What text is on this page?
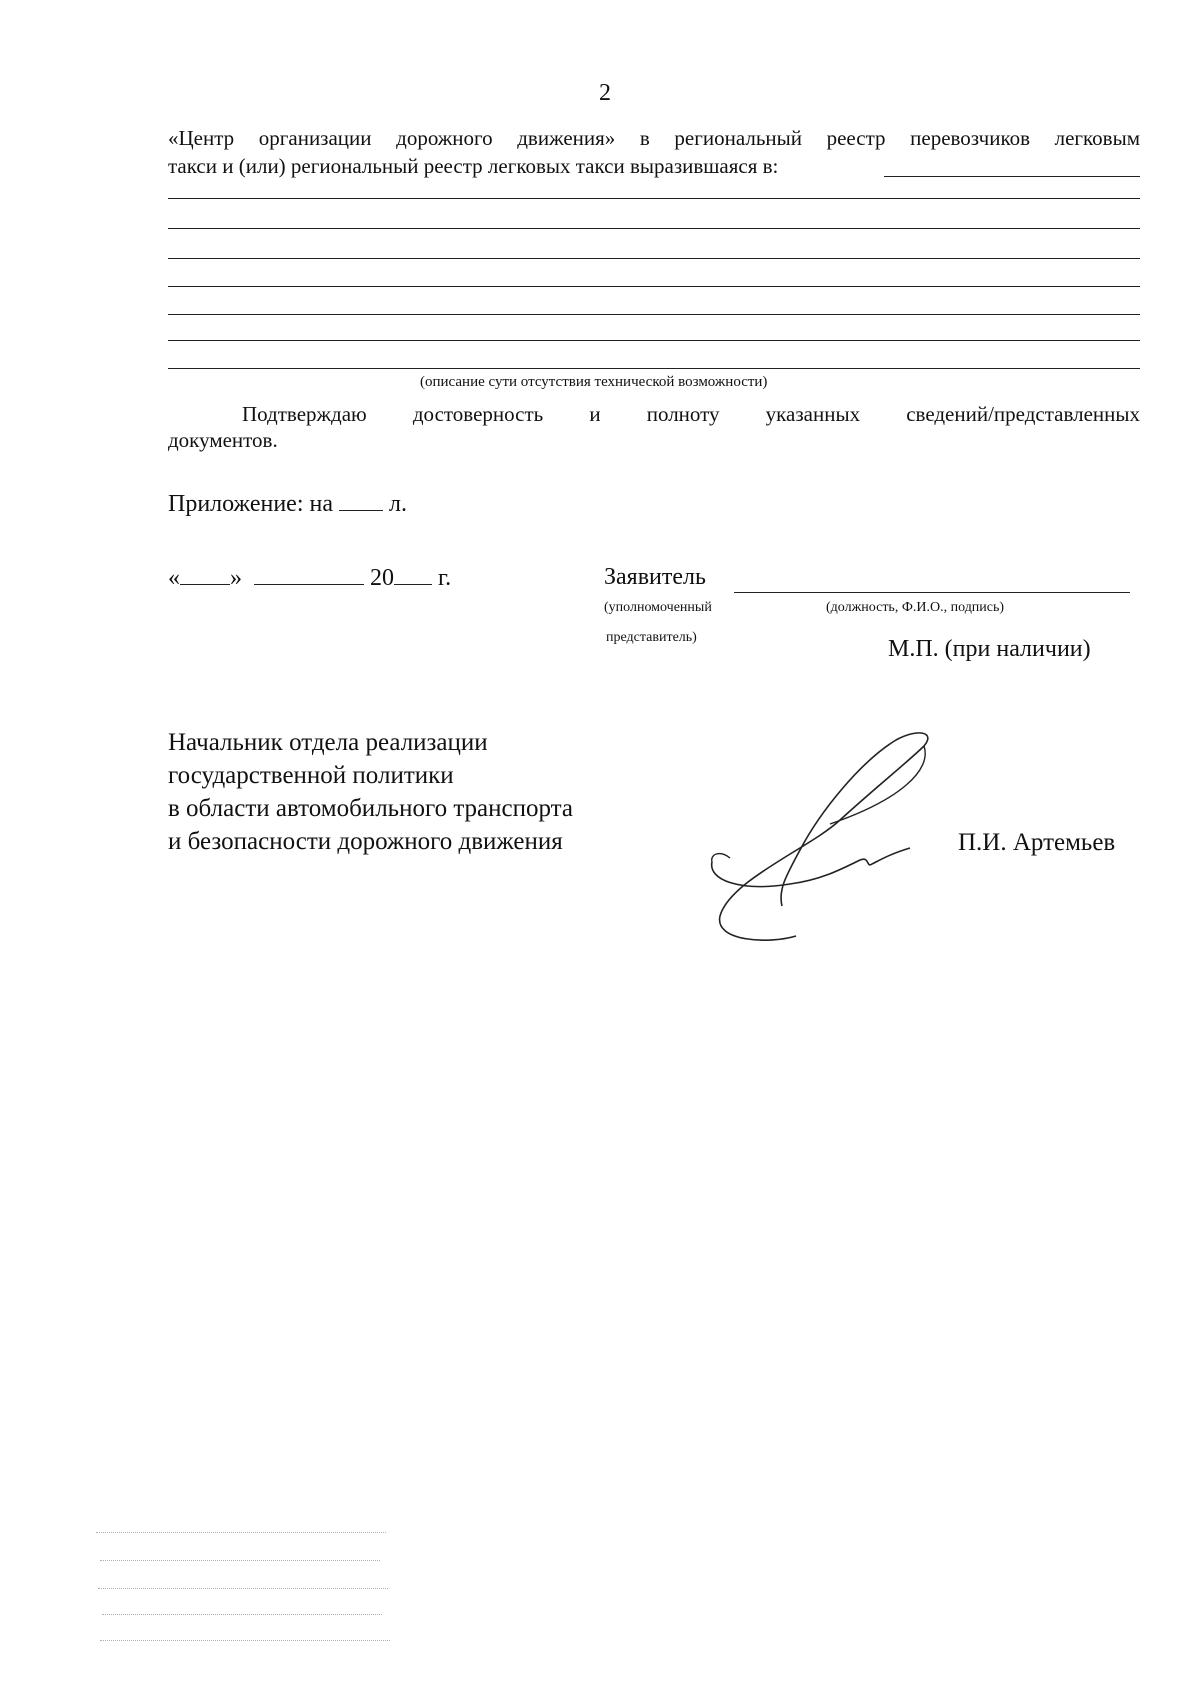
2
«Центр организации дорожного движения» в региональный реестр перевозчиков легковым
такси и (или) региональный реестр легковых такси выразившаяся в:
(описание сути отсутствия технической возможности)
Подтверждаю достоверность и полноту указанных сведений/представленных
документов.
Приложение: на л.
« »	20 г.	Заявитель
(уполномоченный
представитель)
(должность, Ф.И.О., подпись)
М.П. (при наличии)
Начальник отдела реализации
государственной политики
в области автомобильного транспорта
и безопасности дорожного движения	П.И. Артемьев
